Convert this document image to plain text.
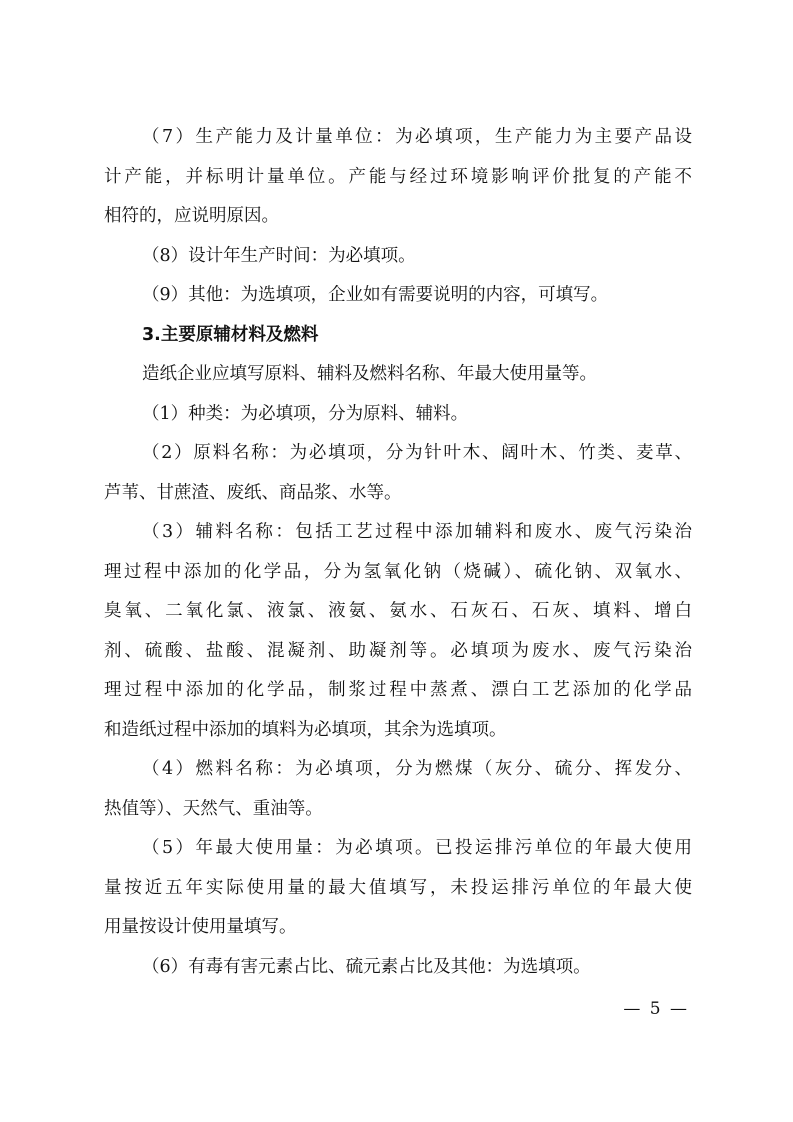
（7）生产能力及计量单位：为必填项，生产能力为主要产品设
计产能，并标明计量单位。产能与经过环境影响评价批复的产能不
相符的，应说明原因。
（8）设计年生产时间：为必填项。
（9）其他：为选填项，企业如有需要说明的内容，可填写。
3.主要原辅材料及燃料
造纸企业应填写原料、辅料及燃料名称、年最大使用量等。
（1）种类：为必填项，分为原料、辅料。
（2）原料名称：为必填项，分为针叶木、阔叶木、竹类、麦草、
芦苇、甘蔗渣、废纸、商品浆、水等。
（3）辅料名称：包括工艺过程中添加辅料和废水、废气污染治
理过程中添加的化学品，分为氢氧化钠（烧碱）、硫化钠、双氧水、
臭氧、二氧化氯、液氯、液氨、氨水、石灰石、石灰、填料、增白
剂、硫酸、盐酸、混凝剂、助凝剂等。必填项为废水、废气污染治
理过程中添加的化学品，制浆过程中蒸煮、漂白工艺添加的化学品
和造纸过程中添加的填料为必填项，其余为选填项。
（4）燃料名称：为必填项，分为燃煤（灰分、硫分、挥发分、
热值等）、天然气、重油等。
（5）年最大使用量：为必填项。已投运排污单位的年最大使用
量按近五年实际使用量的最大值填写，未投运排污单位的年最大使
用量按设计使用量填写。
（6）有毒有害元素占比、硫元素占比及其他：为选填项。
— 5 —
